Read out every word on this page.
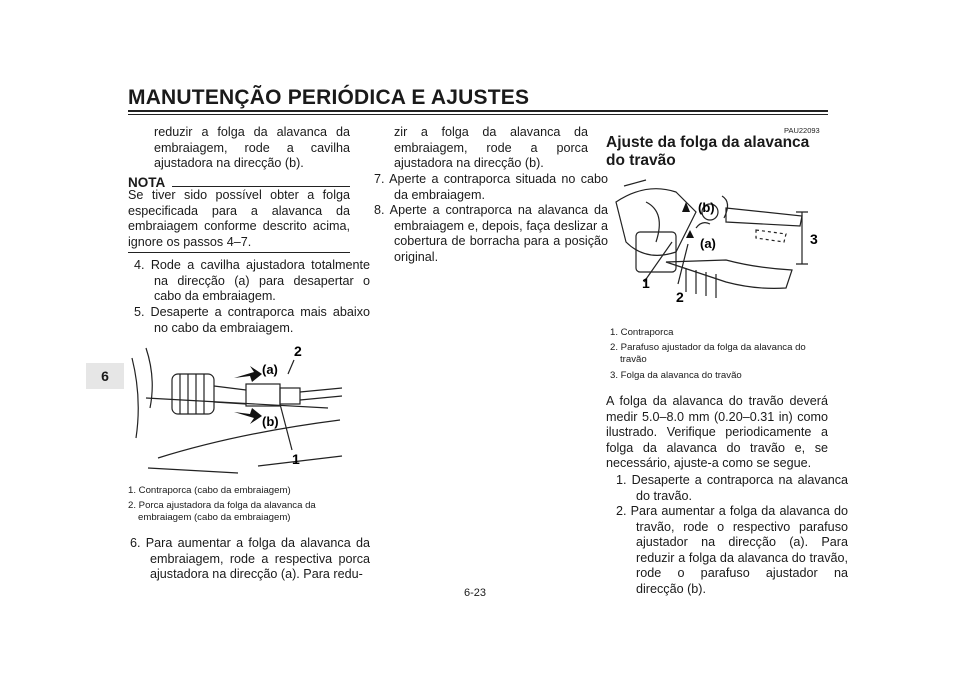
MANUTENÇÃO PERIÓDICA E AJUSTES
6
reduzir a folga da alavanca da embraiagem, rode a cavilha ajustadora na direcção (b).
NOTA
Se tiver sido possível obter a folga especificada para a alavanca da embraiagem conforme descrito acima, ignore os passos 4–7.
4. Rode a cavilha ajustadora totalmente na direcção (a) para desapertar o cabo da embraiagem.
5. Desaperte a contraporca mais abaixo no cabo da embraiagem.
(a)
(b)
2
1
1. Contraporca (cabo da embraiagem)
2. Porca ajustadora da folga da alavanca da embraiagem (cabo da embraiagem)
6. Para aumentar a folga da alavanca da embraiagem, rode a respectiva porca ajustadora na direcção (a). Para redu-
zir a folga da alavanca da embraiagem, rode a porca ajustadora na direcção (b).
7. Aperte a contraporca situada no cabo da embraiagem.
8. Aperte a contraporca na alavanca da embraiagem e, depois, faça deslizar a cobertura de borracha para a posição original.
PAU22093
Ajuste da folga da alavanca do travão
(b)
(a)
1
2
3
1. Contraporca
2. Parafuso ajustador da folga da alavanca do travão
3. Folga da alavanca do travão
A folga da alavanca do travão deverá medir 5.0–8.0 mm (0.20–0.31 in) como ilustrado. Verifique periodicamente a folga da alavanca do travão e, se necessário, ajuste-a como se segue.
1. Desaperte a contraporca na alavanca do travão.
2. Para aumentar a folga da alavanca do travão, rode o respectivo parafuso ajustador na direcção (a). Para reduzir a folga da alavanca do travão, rode o parafuso ajustador na direcção (b).
6-23
